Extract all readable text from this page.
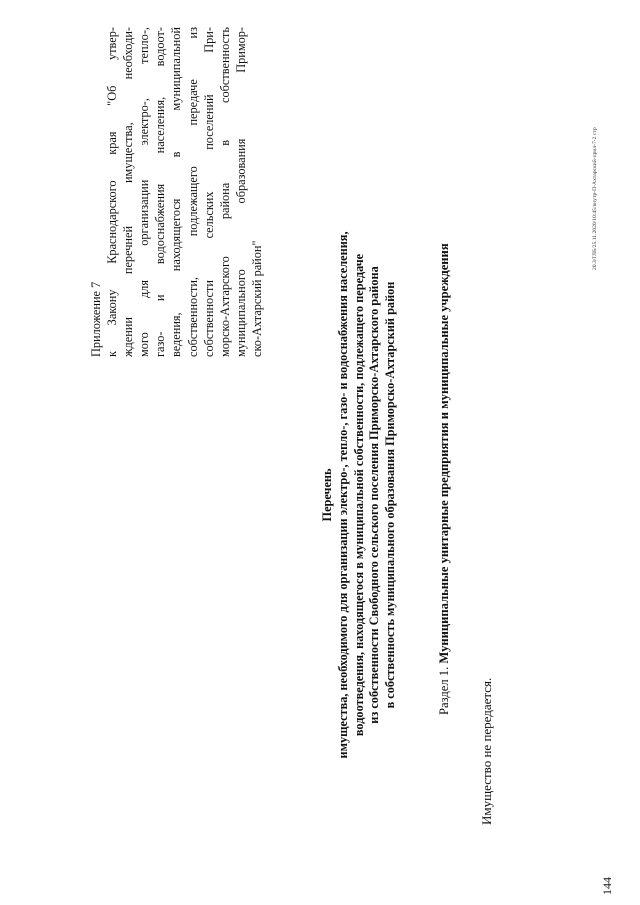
Приложение 7 к Закону Краснодарского края "Об утвер- ждении перечней имущества, необходи- мого для организации электро-, тепло-, газо- и водоснабжения населения, водоот- ведения, находящегося в муниципальной собственности, подлежащего передаче из собственности сельских поселений При- морско-Ахтарского района в собственность муниципального образования Примор- ско-Ахтарский район"
Перечень имущества, необходимого для организации электро-, тепло-, газо- и водоснабжения населения, водоотведения, находящегося в муниципальной собственности, подлежащего передаче из собственности Свободного сельского поселения Приморско-Ахтарского района в собственность муниципального образования Приморско-Ахтарский район	Раздел 1. Муниципальные унитарные предприятия и муниципальные учреждения
Имущество не передается.
20.3/ГЛБ/25.11.2020/10:45/внутр-П-Ахтарский-прил-7-2 стр
144
